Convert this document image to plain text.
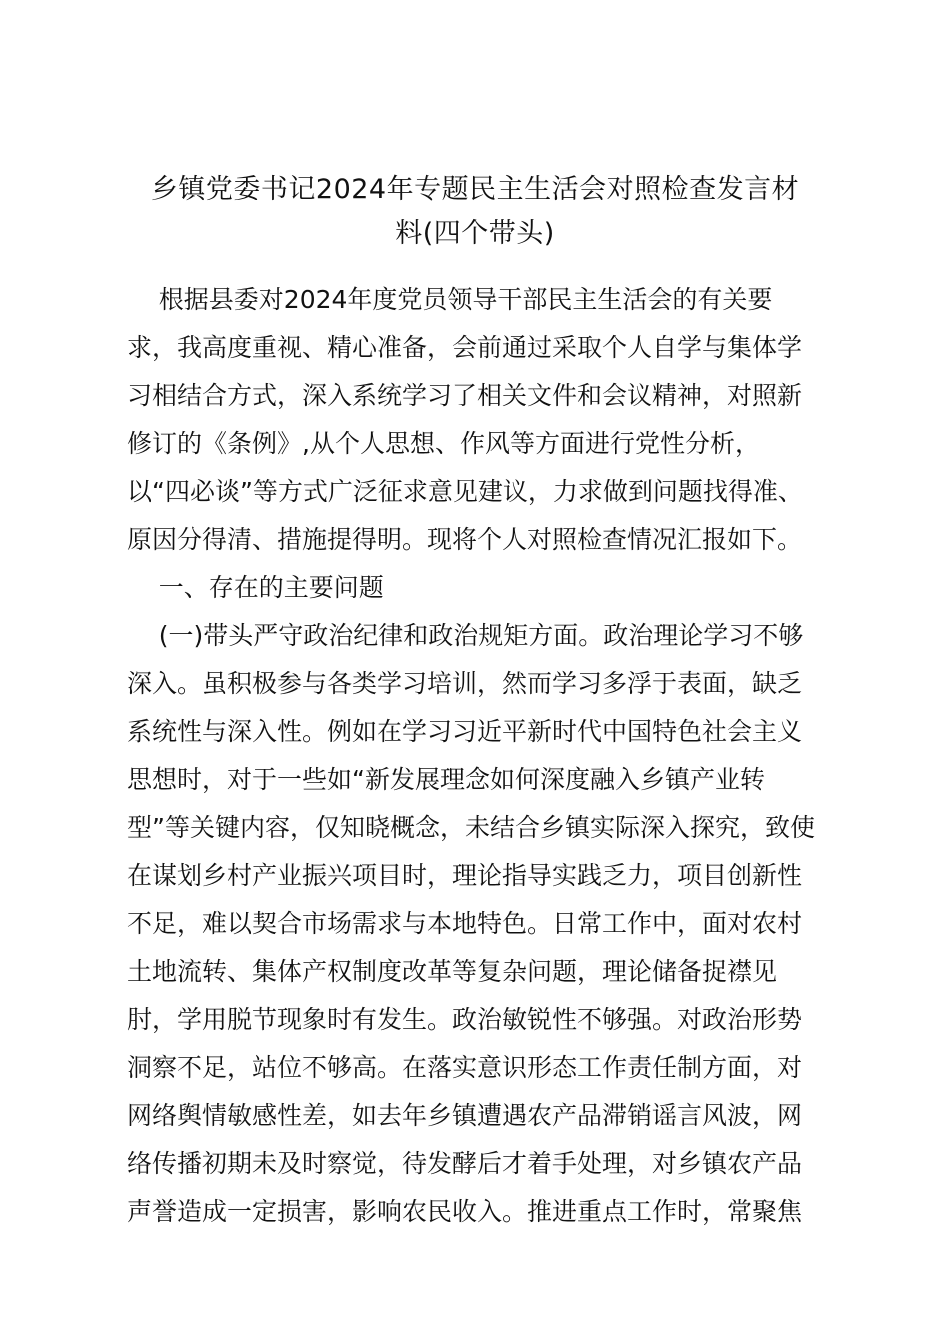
乡镇党委书记2024年专题民主生活会对照检查发言材
料(四个带头)
根据县委对2024年度党员领导干部民主生活会的有关要
求，我高度重视、精心准备，会前通过采取个人自学与集体学
习相结合方式，深入系统学习了相关文件和会议精神，对照新
修订的《条例》,从个人思想、作风等方面进行党性分析，
以“四必谈”等方式广泛征求意见建议，力求做到问题找得准、
原因分得清、措施提得明。现将个人对照检查情况汇报如下。
一、存在的主要问题
(一)带头严守政治纪律和政治规矩方面。政治理论学习不够
深入。虽积极参与各类学习培训，然而学习多浮于表面，缺乏
系统性与深入性。例如在学习习近平新时代中国特色社会主义
思想时，对于一些如“新发展理念如何深度融入乡镇产业转
型”等关键内容，仅知晓概念，未结合乡镇实际深入探究，致使
在谋划乡村产业振兴项目时，理论指导实践乏力，项目创新性
不足，难以契合市场需求与本地特色。日常工作中，面对农村
土地流转、集体产权制度改革等复杂问题，理论储备捉襟见
肘，学用脱节现象时有发生。政治敏锐性不够强。对政治形势
洞察不足，站位不够高。在落实意识形态工作责任制方面，对
网络舆情敏感性差，如去年乡镇遭遇农产品滞销谣言风波，网
络传播初期未及时察觉，待发酵后才着手处理，对乡镇农产品
声誉造成一定损害，影响农民收入。推进重点工作时，常聚焦
